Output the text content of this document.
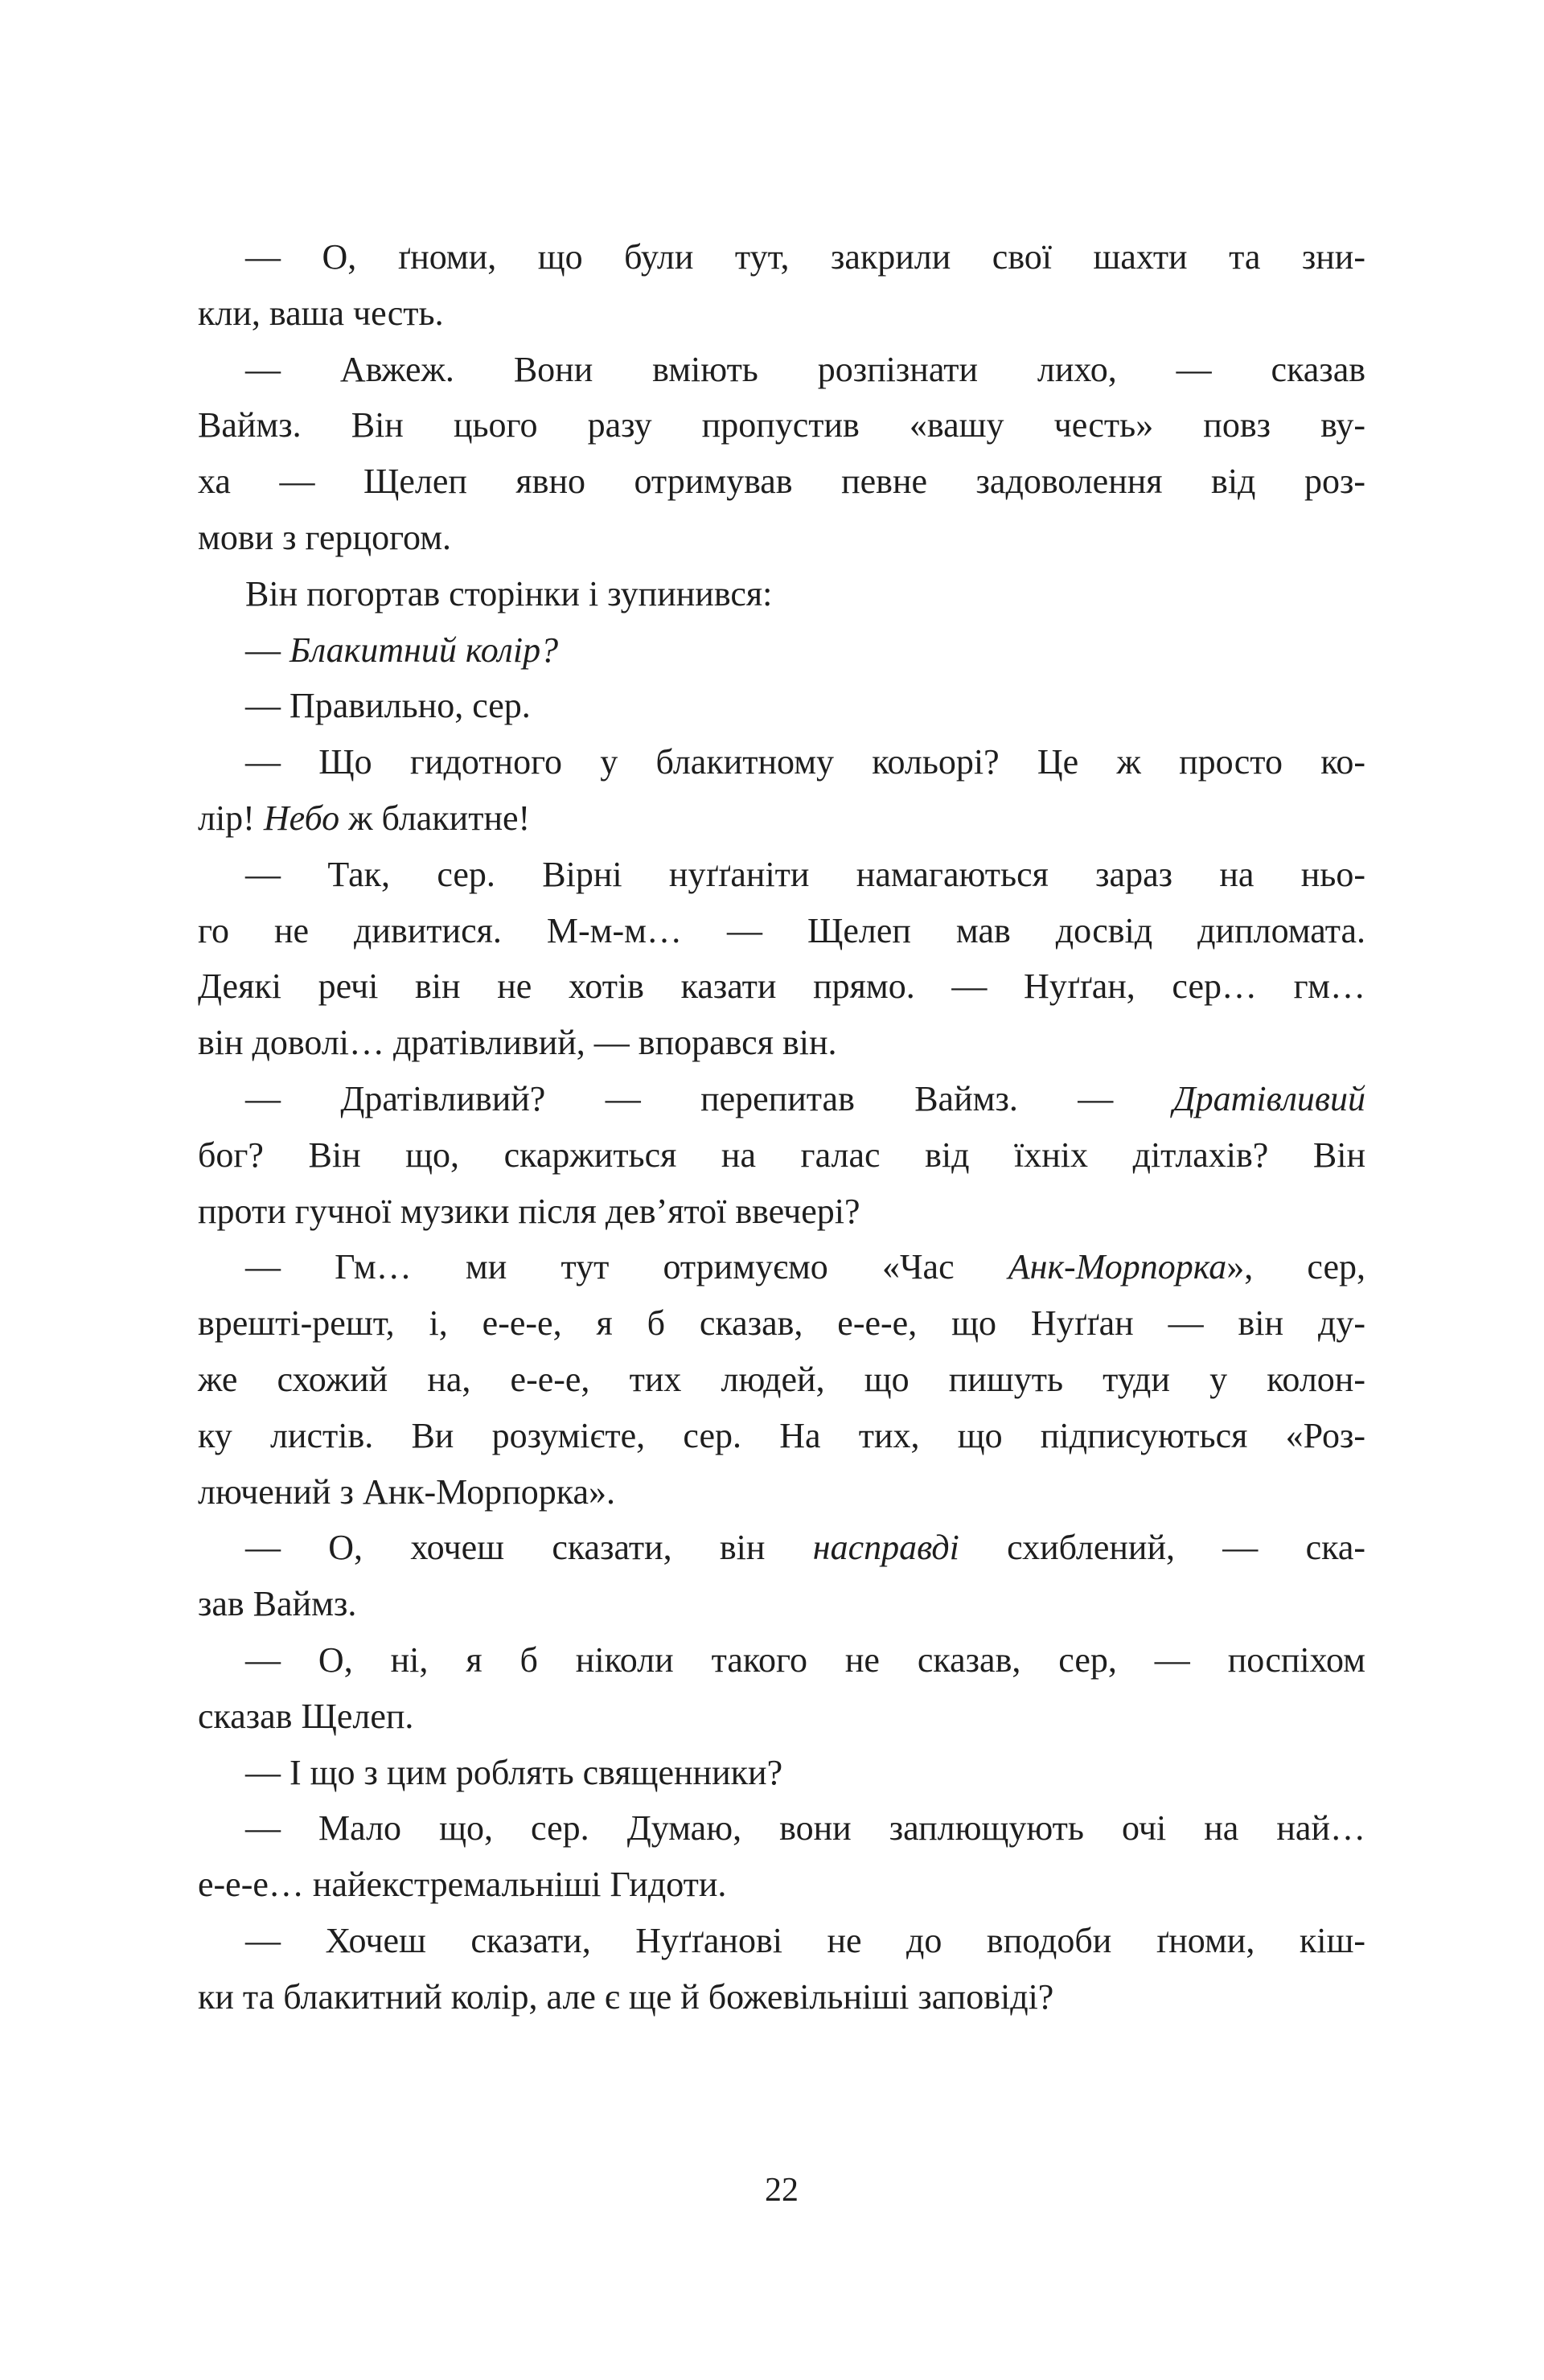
— О, ґноми, що були тут, закрили свої шахти та зни-
кли, ваша честь.

— Авжеж. Вони вміють розпізнати лихо, — сказав
Ваймз. Він цього разу пропустив «вашу честь» повз ву-
ха — Щелеп явно отримував певне задоволення від роз-
мови з герцогом.

Він погортав сторінки і зупинився:

— Блакитний колір?

— Правильно, сер.

— Що гидотного у блакитному кольорі? Це ж просто ко-
лір! Небо ж блакитне!

— Так, сер. Вірні нуґґаніти намагаються зараз на ньо-
го не дивитися. М-м-м… — Щелеп мав досвід дипломата.
Деякі речі він не хотів казати прямо. — Нуґґан, сер… гм…
він доволі… дратівливий, — впорався він.

— Дратівливий? — перепитав Ваймз. — Дратівливий
бог? Він що, скаржиться на галас від їхніх дітлахів? Він
проти гучної музики після дев’ятої ввечері?

— Гм… ми тут отримуємо «Час Анк-Морпорка», сер,
врешті-решт, і, е-е-е, я б сказав, е-е-е, що Нуґґан — він ду-
же схожий на, е-е-е, тих людей, що пишуть туди у колон-
ку листів. Ви розумієте, сер. На тих, що підписуються «Роз-
лючений з Анк-Морпорка».

— О, хочеш сказати, він насправді схиблений, — ска-
зав Ваймз.

— О, ні, я б ніколи такого не сказав, сер, — поспіхом
сказав Щелеп.

— І що з цим роблять священники?

— Мало що, сер. Думаю, вони заплющують очі на най…
е-е-е… найекстремальніші Гидоти.

— Хочеш сказати, Нуґґанові не до вподоби ґноми, кіш-
ки та блакитний колір, але є ще й божевільніші заповіді?

22
